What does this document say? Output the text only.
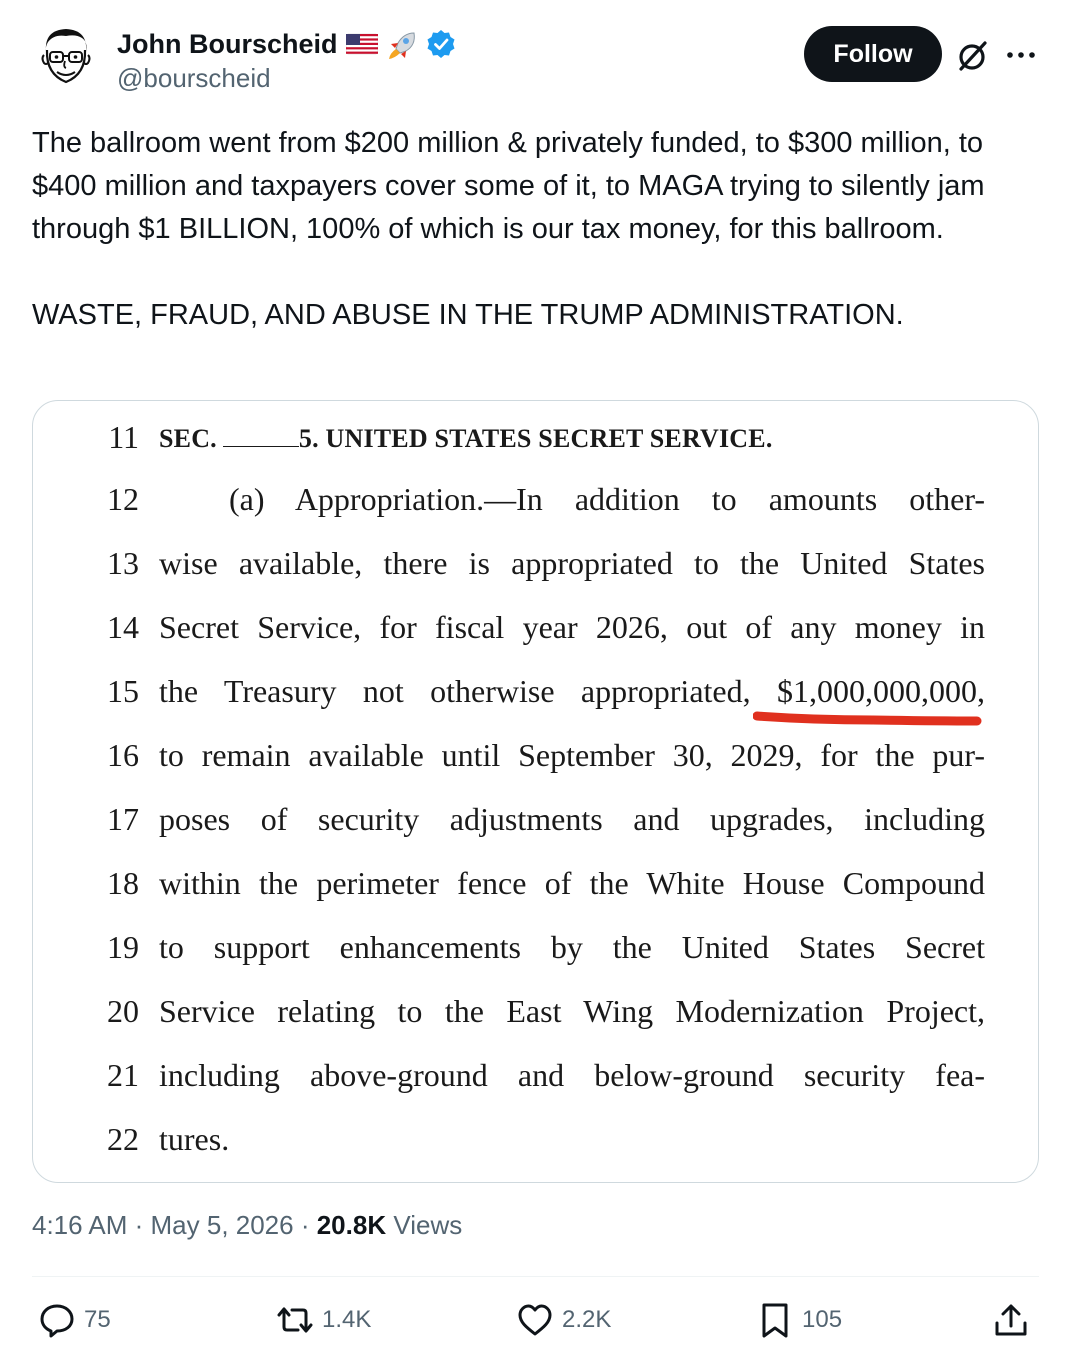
John Bourscheid
@bourscheid
Follow

The ballroom went from $200 million & privately funded, to $300 million, to $400 million and taxpayers cover some of it, to MAGA trying to silently jam through $1 BILLION, 100% of which is our tax money, for this ballroom.

WASTE, FRAUD, AND ABUSE IN THE TRUMP ADMINISTRATION.

11 SEC.	5. UNITED STATES SECRET SERVICE.
12	(a) Appropriation.—In addition to amounts other-
13 wise available, there is appropriated to the United States
14 Secret Service, for fiscal year 2026, out of any money in
15 the Treasury not otherwise appropriated, $1,000,000,000,
16 to remain available until September 30, 2029, for the pur-
17 poses of security adjustments and upgrades, including
18 within the perimeter fence of the White House Compound
19 to support enhancements by the United States Secret
20 Service relating to the East Wing Modernization Project,
21 including above-ground and below-ground security fea-
22 tures.
4:16 AM · May 5, 2026 · 20.8K Views
75	1.4K	2.2K	105
